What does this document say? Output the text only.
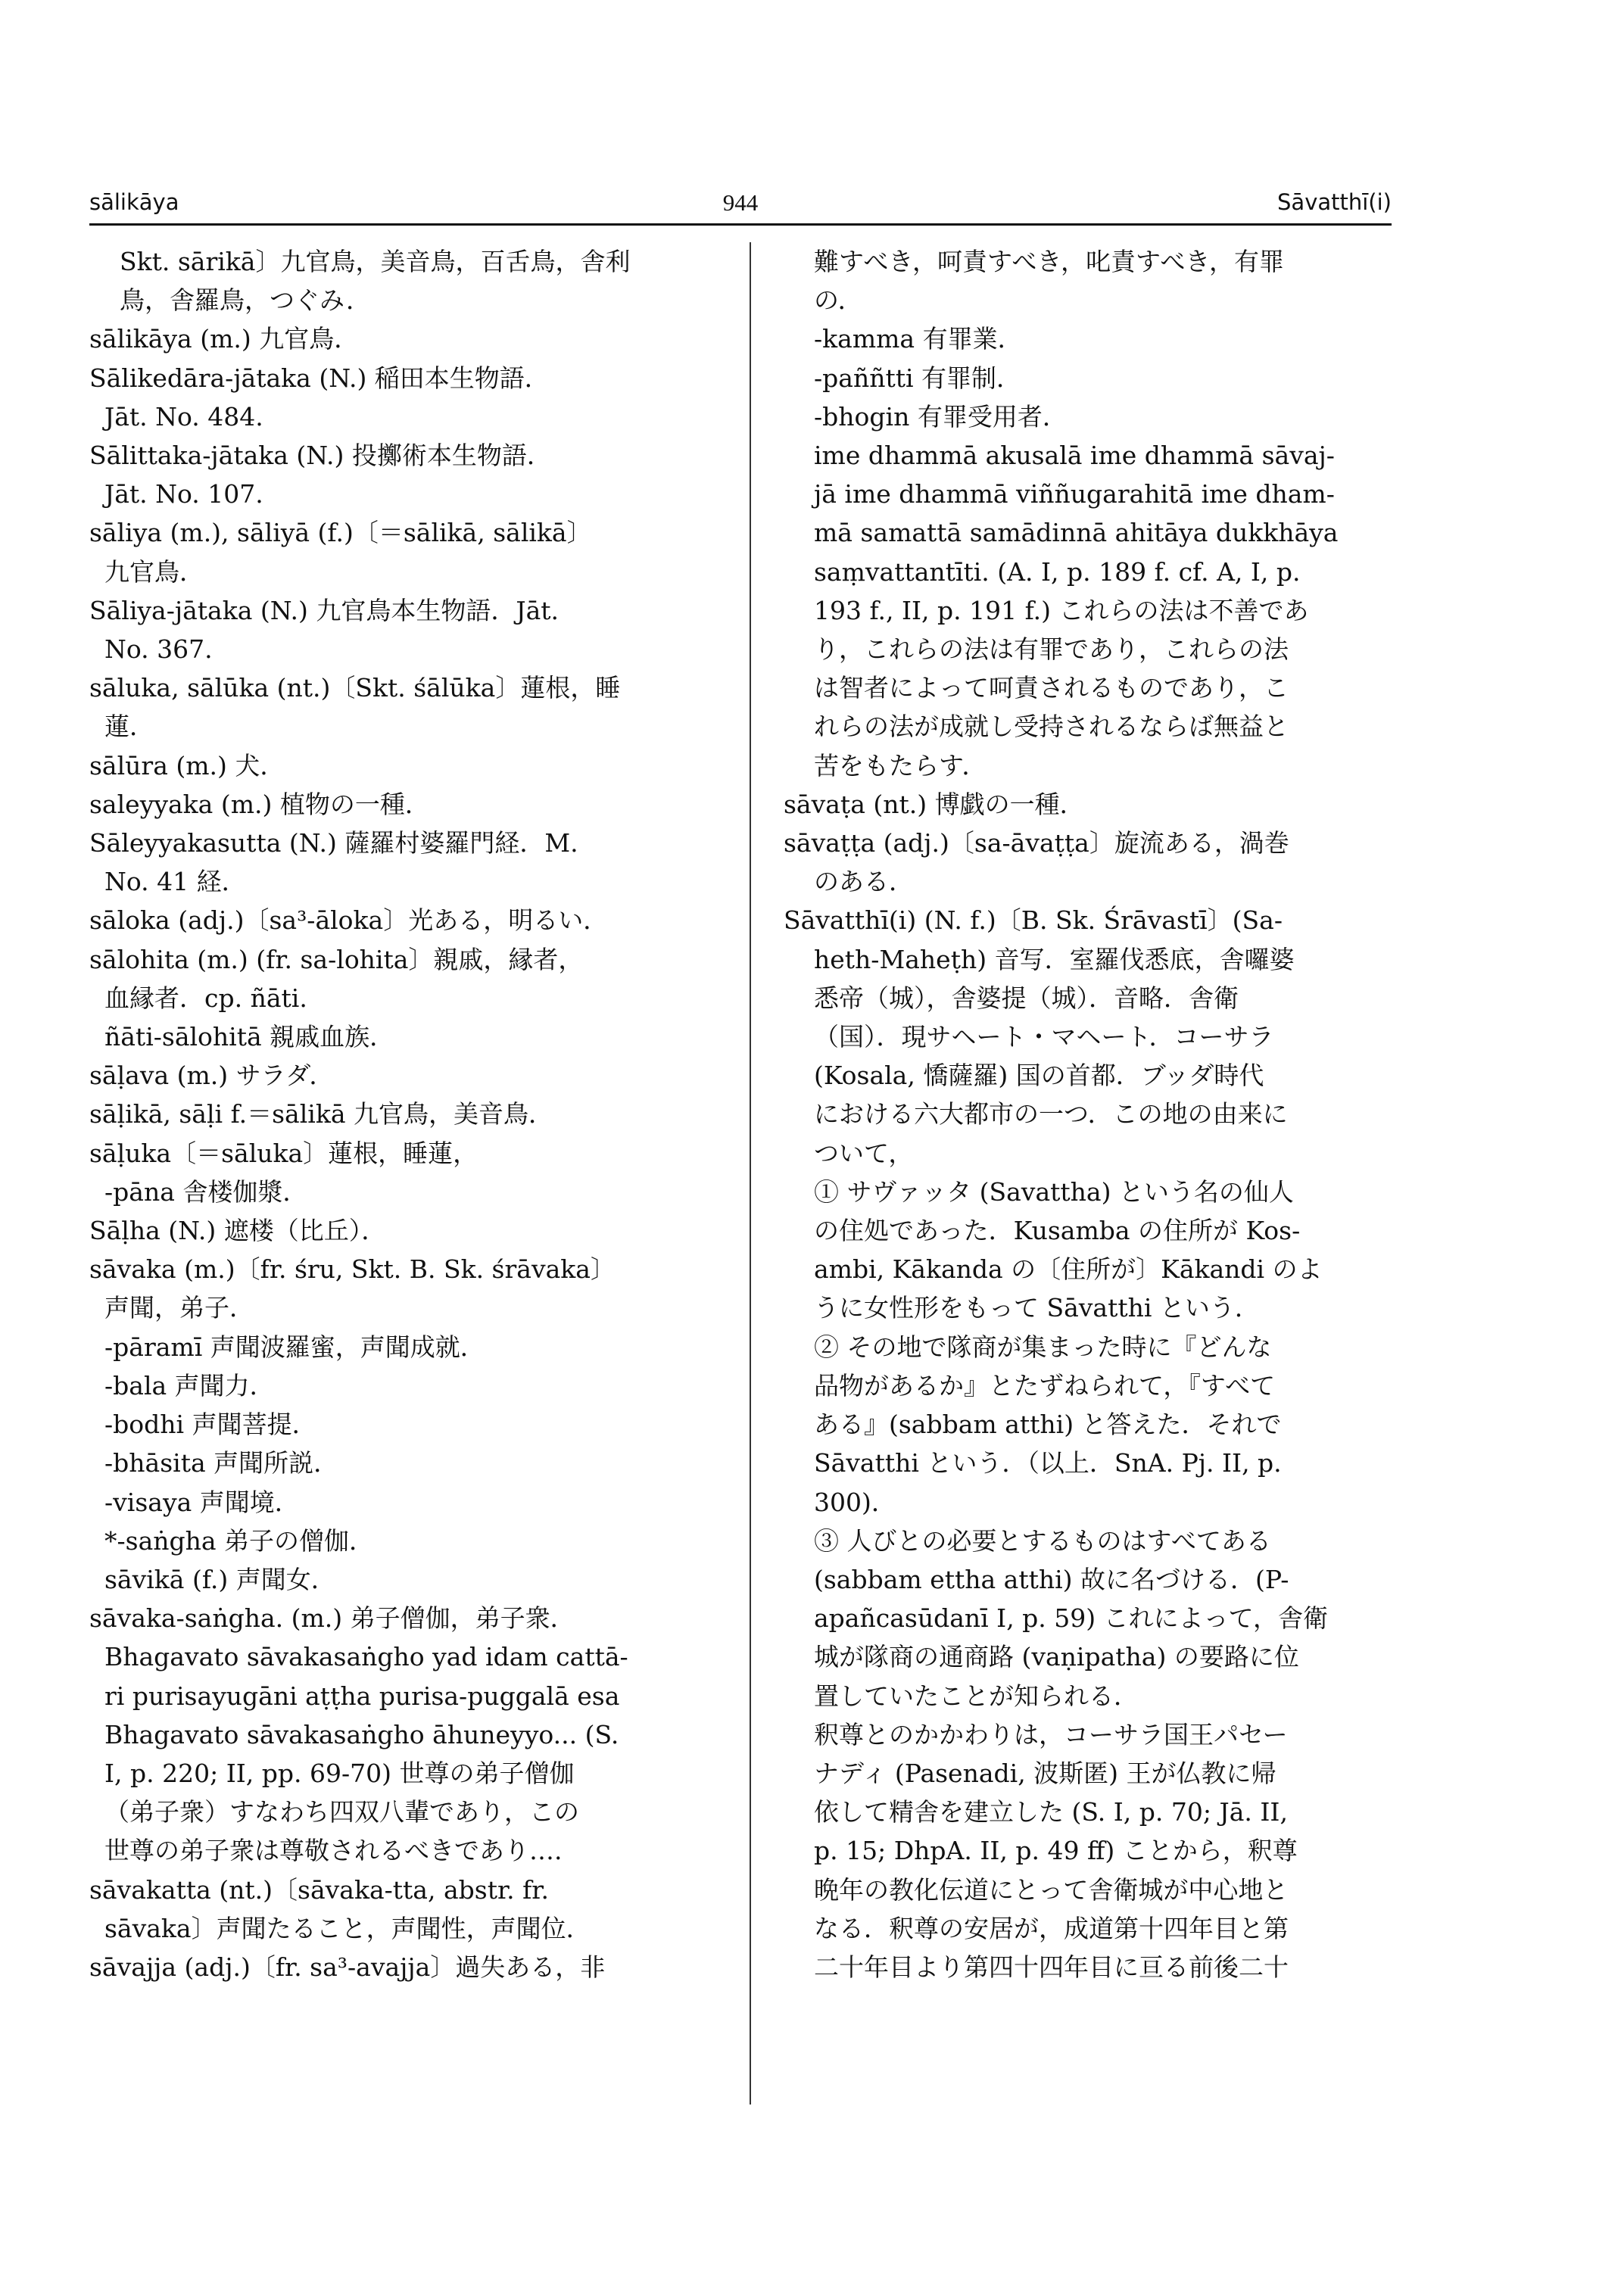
sālikāya	944	Sāvatthī(i)

Skt. sārikā〕九官鳥，美音鳥，百舌鳥，舎利

鳥，舎羅鳥，つぐみ．

sālikāya (m.) 九官鳥．

Sālikedāra-jātaka (N.) 稲田本生物語．

Jāt. No. 484.

Sālittaka-jātaka (N.) 投擲術本生物語．

Jāt. No. 107.

sāliya (m.), sāliyā (f.)〔＝sālikā, sālikā〕

九官鳥．

Sāliya-jātaka (N.) 九官鳥本生物語．Jāt.

No. 367.

sāluka, sālūka (nt.)〔Skt. śālūka〕蓮根，睡

蓮．

sālūra (m.) 犬．

saleyyaka (m.) 植物の一種．

Sāleyyakasutta (N.) 薩羅村婆羅門経．M.

No. 41 経．

sāloka (adj.)〔sa³-āloka〕光ある，明るい．

sālohita (m.) (fr. sa-lohita〕親戚，縁者，

血縁者．cp. ñāti.

ñāti-sālohitā 親戚血族．

sāḷava (m.) サラダ．

sāḷikā, sāḷi f.＝sālikā 九官鳥，美音鳥．

sāḷuka〔＝sāluka〕蓮根，睡蓮，

-pāna 舎楼伽漿．

Sāḷha (N.) 遮楼（比丘）．

sāvaka (m.)〔fr. śru, Skt. B. Sk. śrāvaka〕

声聞，弟子．

-pāramī 声聞波羅蜜，声聞成就．

-bala 声聞力．

-bodhi 声聞菩提．

-bhāsita 声聞所説．

-visaya 声聞境．

*-saṅgha 弟子の僧伽．

sāvikā (f.) 声聞女．

sāvaka-saṅgha. (m.) 弟子僧伽，弟子衆．

Bhagavato sāvakasaṅgho yad idam cattā-

ri purisayugāni aṭṭha purisa-puggalā esa

Bhagavato sāvakasaṅgho āhuneyyo... (S.

I, p. 220; II, pp. 69-70) 世尊の弟子僧伽

（弟子衆）すなわち四双八輩であり，この

世尊の弟子衆は尊敬されるべきであり….

sāvakatta (nt.)〔sāvaka-tta, abstr. fr.

sāvaka〕声聞たること，声聞性，声聞位．

sāvajja (adj.)〔fr. sa³-avajja〕過失ある，非

難すべき，呵責すべき，叱責すべき，有罪

の．

-kamma 有罪業．

-paññtti 有罪制．

-bhogin 有罪受用者．

ime dhammā akusalā ime dhammā sāvaj-

jā ime dhammā viññugarahitā ime dham-

mā samattā samādinnā ahitāya dukkhāya

saṃvattantīti. (A. I, p. 189 f. cf. A, I, p.

193 f., II, p. 191 f.) これらの法は不善であ

り，これらの法は有罪であり，これらの法

は智者によって呵責されるものであり，こ

れらの法が成就し受持されるならば無益と

苦をもたらす．

sāvaṭa (nt.) 博戯の一種．

sāvaṭṭa (adj.)〔sa-āvaṭṭa〕旋流ある，渦巻

のある．

Sāvatthī(i) (N. f.)〔B. Sk. Śrāvastī〕(Sa-

heth-Maheṭh) 音写．室羅伐悉底，舎囉婆

悉帝（城），舎婆提（城）．音略．舎衛

（国）．現サヘート・マヘート．コーサラ

(Kosala, 憍薩羅) 国の首都．ブッダ時代

における六大都市の一つ．この地の由来に

ついて，

① サヴァッタ (Savattha) という名の仙人

の住処であった．Kusamba の住所が Kos-

ambi, Kākanda の〔住所が〕Kākandi のよ

うに女性形をもって Sāvatthi という．

② その地で隊商が集まった時に『どんな

品物があるか』とたずねられて，『すべて

ある』(sabbam atthi) と答えた．それで

Sāvatthi という．（以上．SnA. Pj. II, p.

300)．

③ 人びとの必要とするものはすべてある

(sabbam ettha atthi) 故に名づける．(P-

apañcasūdanī I, p. 59) これによって，舎衛

城が隊商の通商路 (vaṇipatha) の要路に位

置していたことが知られる．

釈尊とのかかわりは，コーサラ国王パセー

ナディ (Pasenadi, 波斯匿) 王が仏教に帰

依して精舎を建立した (S. I, p. 70; Jā. II,

p. 15; DhpA. II, p. 49 ff) ことから，釈尊

晩年の教化伝道にとって舎衛城が中心地と

なる．釈尊の安居が，成道第十四年目と第

二十年目より第四十四年目に亘る前後二十
